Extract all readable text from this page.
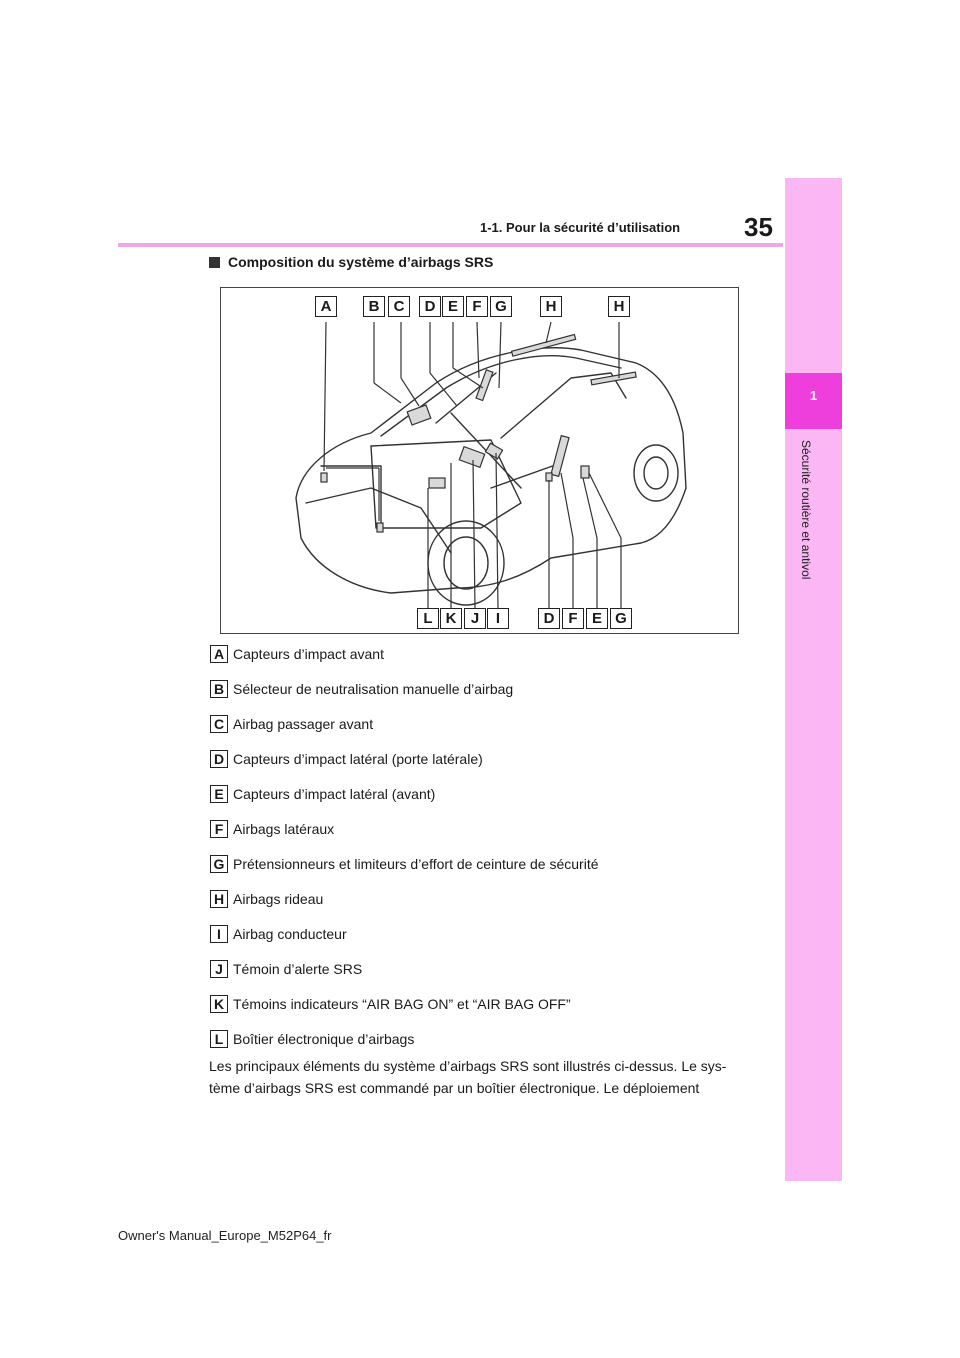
1
Sécurité routière et antivol
35
1-1. Pour la sécurité d’utilisation
Composition du système d’airbags SRS
A	B C	D E F G	H	H
L K J	I	D F E G
A Capteurs d’impact avant
B Sélecteur de neutralisation manuelle d’airbag
C Airbag passager avant
D Capteurs d’impact latéral (porte latérale)
E Capteurs d’impact latéral (avant)
F Airbags latéraux
G Prétensionneurs et limiteurs d’effort de ceinture de sécurité
H Airbags rideau
I Airbag conducteur
J Témoin d’alerte SRS
K Témoins indicateurs “AIR BAG ON” et “AIR BAG OFF”
L Boîtier électronique d’airbags
Les principaux éléments du système d’airbags SRS sont illustrés ci-dessus. Le sys-
tème d’airbags SRS est commandé par un boîtier électronique. Le déploiement
Owner's Manual_Europe_M52P64_fr
